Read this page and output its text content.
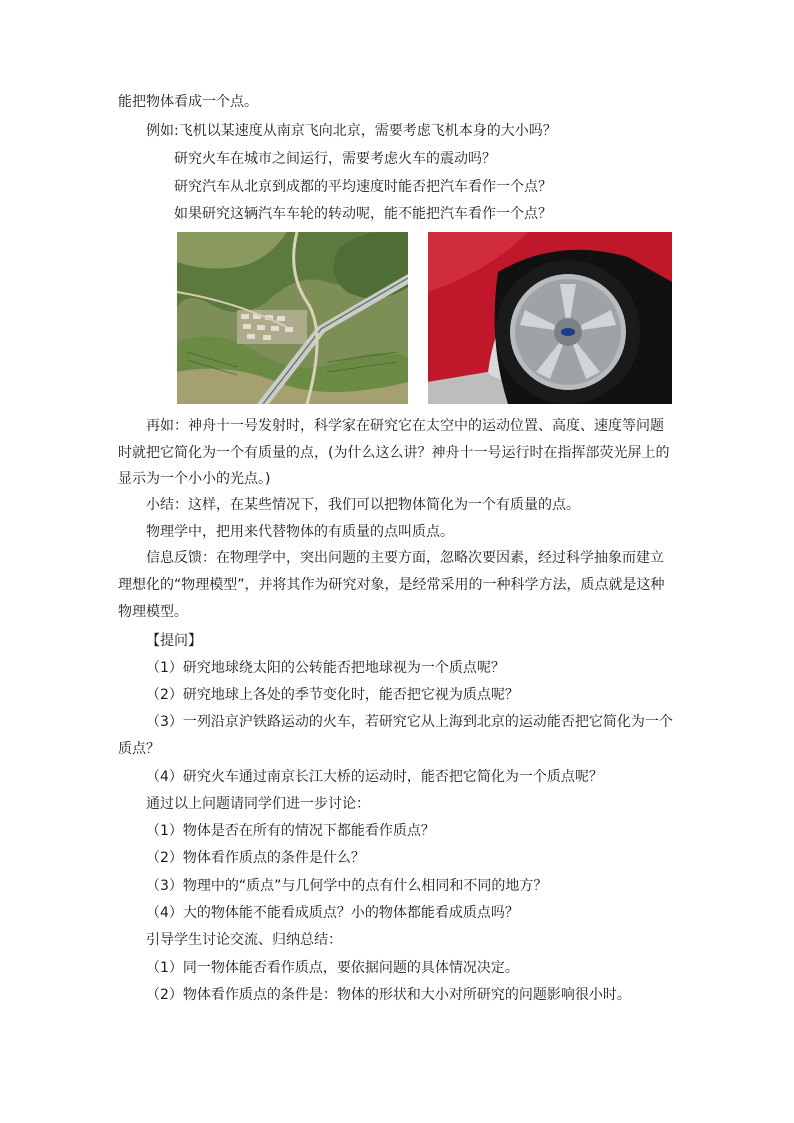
能把物体看成一个点。
例如:飞机以某速度从南京飞向北京，需要考虑飞机本身的大小吗？
研究火车在城市之间运行，需要考虑火车的震动吗？
研究汽车从北京到成都的平均速度时能否把汽车看作一个点？
如果研究这辆汽车车轮的转动呢，能不能把汽车看作一个点？
再如：神舟十一号发射时，科学家在研究它在太空中的运动位置、高度、速度等问题
时就把它简化为一个有质量的点，(为什么这么讲？神舟十一号运行时在指挥部荧光屏上的
显示为一个小小的光点。)
小结：这样，在某些情况下，我们可以把物体简化为一个有质量的点。
物理学中，把用来代替物体的有质量的点叫质点。
信息反馈：在物理学中，突出问题的主要方面，忽略次要因素，经过科学抽象而建立
理想化的“物理模型”，并将其作为研究对象，是经常采用的一种科学方法，质点就是这种
物理模型。
【提问】
（1）研究地球绕太阳的公转能否把地球视为一个质点呢？
（2）研究地球上各处的季节变化时，能否把它视为质点呢？
（3）一列沿京沪铁路运动的火车，若研究它从上海到北京的运动能否把它简化为一个
质点？
（4）研究火车通过南京长江大桥的运动时，能否把它简化为一个质点呢？
通过以上问题请同学们进一步讨论：
（1）物体是否在所有的情况下都能看作质点？
（2）物体看作质点的条件是什么？
（3）物理中的“质点”与几何学中的点有什么相同和不同的地方？
（4）大的物体能不能看成质点？小的物体都能看成质点吗？
引导学生讨论交流、归纳总结：
（1）同一物体能否看作质点，要依据问题的具体情况决定。
（2）物体看作质点的条件是：物体的形状和大小对所研究的问题影响很小时。
